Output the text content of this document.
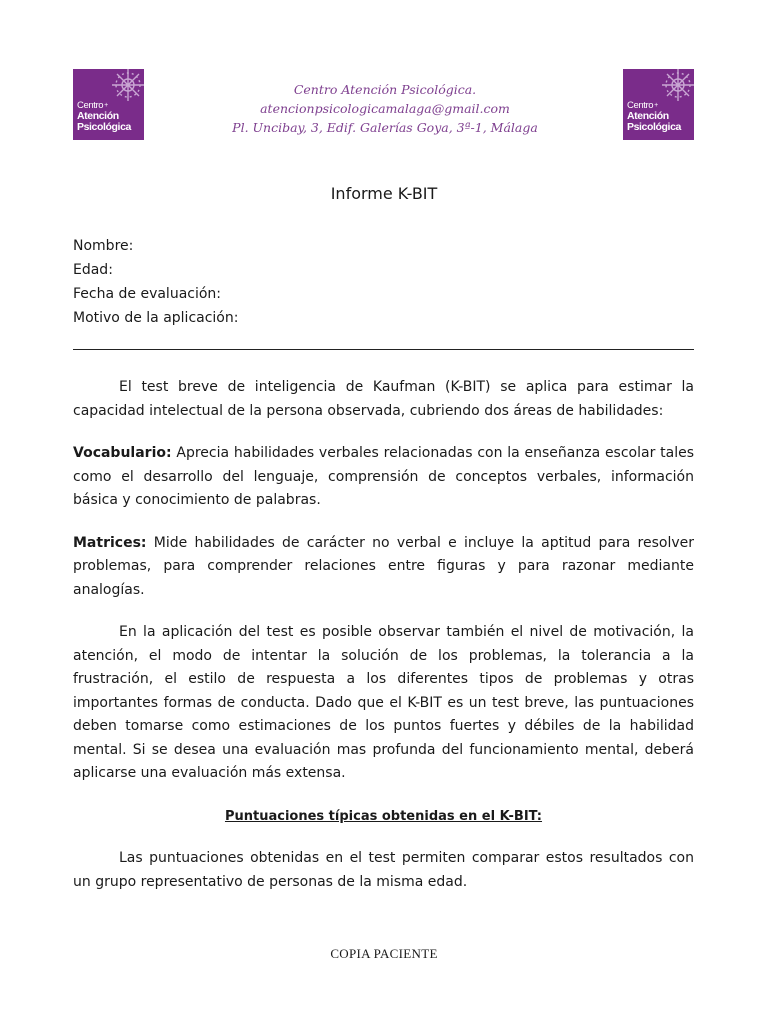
Centro+
Atención
Psicológica
Centro Atención Psicológica.
atencionpsicologicamalaga@gmail.com
Pl. Uncibay, 3, Edif. Galerías Goya, 3ª-1, Málaga
Centro+
Atención
Psicológica
Informe K-BIT
Nombre:
Edad:
Fecha de evaluación:
Motivo de la aplicación:

El test breve de inteligencia de Kaufman (K-BIT) se aplica para estimar la capacidad intelectual de la persona observada, cubriendo dos áreas de habilidades:

Vocabulario: Aprecia habilidades verbales relacionadas con la enseñanza escolar tales como el desarrollo del lenguaje, comprensión de conceptos verbales, información básica y conocimiento de palabras.

Matrices: Mide habilidades de carácter no verbal e incluye la aptitud para resolver problemas, para comprender relaciones entre figuras y para razonar mediante analogías.

En la aplicación del test es posible observar también el nivel de motivación, la atención, el modo de intentar la solución de los problemas, la tolerancia a la frustración, el estilo de respuesta a los diferentes tipos de problemas y otras importantes formas de conducta. Dado que el K-BIT es un test breve, las puntuaciones deben tomarse como estimaciones de los puntos fuertes y débiles de la habilidad mental. Si se desea una evaluación mas profunda del funcionamiento mental, deberá aplicarse una evaluación más extensa.

Puntuaciones típicas obtenidas en el K-BIT:

Las puntuaciones obtenidas en el test permiten comparar estos resultados con un grupo representativo de personas de la misma edad.

COPIA PACIENTE
